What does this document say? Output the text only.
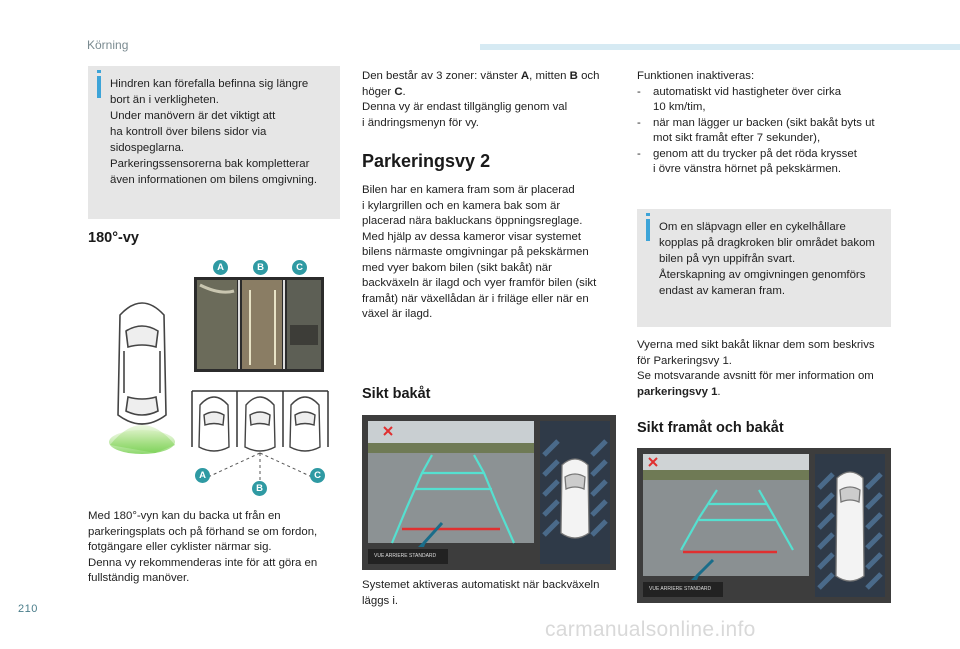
Körning

Hindren kan förefalla befinna sig längre
bort än i verkligheten.
Under manövern är det viktigt att
ha kontroll över bilens sidor via
sidospeglarna.
Parkeringssensorerna bak kompletterar
även informationen om bilens omgivning.

180°-vy
A	B	C
A
B
C

Med 180°-vyn kan du backa ut från en
parkeringsplats och på förhand se om fordon,
fotgängare eller cyklister närmar sig.
Denna vy rekommenderas inte för att göra en
fullständig manöver.

Den består av 3 zoner: vänster A, mitten B och
höger C.
Denna vy är endast tillgänglig genom val
i ändringsmenyn för vy.

Parkeringsvy 2

Bilen har en kamera fram som är placerad
i kylargrillen och en kamera bak som är
placerad nära bakluckans öppningsreglage.
Med hjälp av dessa kameror visar systemet
bilens närmaste omgivningar på pekskärmen
med vyer bakom bilen (sikt bakåt) när
backväxeln är ilagd och vyer framför bilen (sikt
framåt) när växellådan är i friläge eller när en
växel är ilagd.

Sikt bakåt
VUE ARRIERE STANDARD

Systemet aktiveras automatiskt när backväxeln
läggs i.

Funktionen inaktiveras:

- automatiskt vid hastigheter över cirka
10 km/tim,

- när man lägger ur backen (sikt bakåt byts ut
mot sikt framåt efter 7 sekunder),

- genom att du trycker på det röda krysset
i övre vänstra hörnet på pekskärmen.

Om en släpvagn eller en cykelhållare
kopplas på dragkroken blir området bakom
bilen på vyn uppifrån svart.
Återskapning av omgivningen genomförs
endast av kameran fram.

Vyerna med sikt bakåt liknar dem som beskrivs
för Parkeringsvy 1.
Se motsvarande avsnitt för mer information om
parkeringsvy 1.

Sikt framåt och bakåt
VUE ARRIERE STANDARD
210
carmanualsonline.info
